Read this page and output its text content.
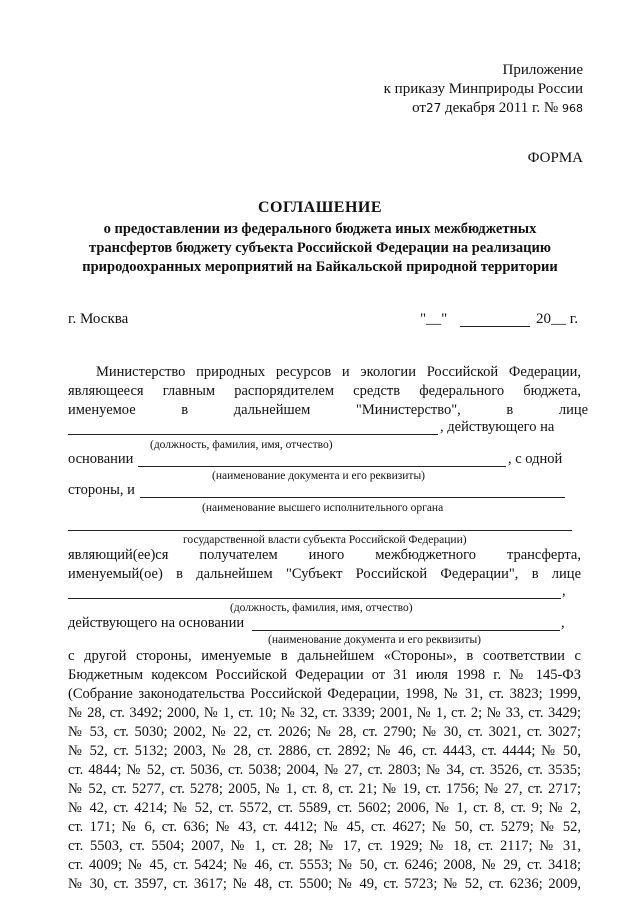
Приложение
к приказу Минприроды России
от27 декабря 2011 г. № 968
ФОРМА
СОГЛАШЕНИЕ
о предоставлении из федерального бюджета иных межбюджетных
трансфертов бюджету субъекта Российской Федерации на реализацию
природоохранных мероприятий на Байкальской природной территории
г. Москва	"__"	20__ г.
Министерство природных ресурсов и экологии Российской Федерации,
являющееся главным распорядителем средств федерального бюджета,
именуемое в дальнейшем "Министерство", в лице
, действующего на
(должность, фамилия, имя, отчество)
основании	, с одной
(наименование документа и его реквизиты)
стороны, и
(наименование высшего исполнительного органа
государственной власти субъекта Российской Федерации)
являющий(ее)ся получателем иного межбюджетного трансферта,
именуемый(ое) в дальнейшем "Субъект Российской Федерации", в лице
,
(должность, фамилия, имя, отчество)
действующего на основании	,
(наименование документа и его реквизиты)
с другой стороны, именуемые в дальнейшем «Стороны», в соответствии с
Бюджетным кодексом Российской Федерации от 31 июля 1998 г. № 145-ФЗ
(Собрание законодательства Российской Федерации, 1998, № 31, ст. 3823; 1999,
№ 28, ст. 3492; 2000, № 1, ст. 10; № 32, ст. 3339; 2001, № 1, ст. 2; № 33, ст. 3429;
№ 53, ст. 5030; 2002, № 22, ст. 2026; № 28, ст. 2790; № 30, ст. 3021, ст. 3027;
№ 52, ст. 5132; 2003, № 28, ст. 2886, ст. 2892; № 46, ст. 4443, ст. 4444; № 50,
ст. 4844; № 52, ст. 5036, ст. 5038; 2004, № 27, ст. 2803; № 34, ст. 3526, ст. 3535;
№ 52, ст. 5277, ст. 5278; 2005, № 1, ст. 8, ст. 21; № 19, ст. 1756; № 27, ст. 2717;
№ 42, ст. 4214; № 52, ст. 5572, ст. 5589, ст. 5602; 2006, № 1, ст. 8, ст. 9; № 2,
ст. 171; № 6, ст. 636; № 43, ст. 4412; № 45, ст. 4627; № 50, ст. 5279; № 52,
ст. 5503, ст. 5504; 2007, № 1, ст. 28; № 17, ст. 1929; № 18, ст. 2117; № 31,
ст. 4009; № 45, ст. 5424; № 46, ст. 5553; № 50, ст. 6246; 2008, № 29, ст. 3418;
№ 30, ст. 3597, ст. 3617; № 48, ст. 5500; № 49, ст. 5723; № 52, ст. 6236; 2009,
